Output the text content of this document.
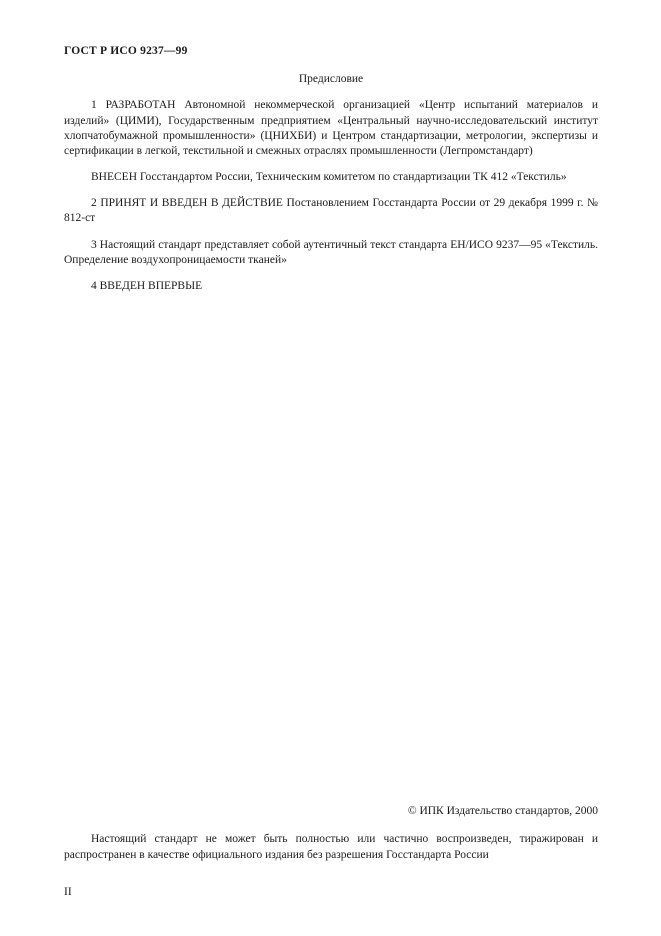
ГОСТ Р ИСО 9237—99
Предисловие
1 РАЗРАБОТАН Автономной некоммерческой организацией «Центр испытаний материалов и изделий» (ЦИМИ), Государственным предприятием «Центральный научно-исследовательский институт хлопчатобумажной промышленности» (ЦНИХБИ) и Центром стандартизации, метрологии, экспертизы и сертификации в легкой, текстильной и смежных отраслях промышленности (Легпромстандарт)
ВНЕСЕН Госстандартом России, Техническим комитетом по стандартизации ТК 412 «Текстиль»
2 ПРИНЯТ И ВВЕДЕН В ДЕЙСТВИЕ Постановлением Госстандарта России от 29 декабря 1999 г. № 812-ст
3 Настоящий стандарт представляет собой аутентичный текст стандарта ЕН/ИСО 9237—95 «Текстиль. Определение воздухопроницаемости тканей»
4 ВВЕДЕН ВПЕРВЫЕ
© ИПК Издательство стандартов, 2000
Настоящий стандарт не может быть полностью или частично воспроизведен, тиражирован и распространен в качестве официального издания без разрешения Госстандарта России
II
